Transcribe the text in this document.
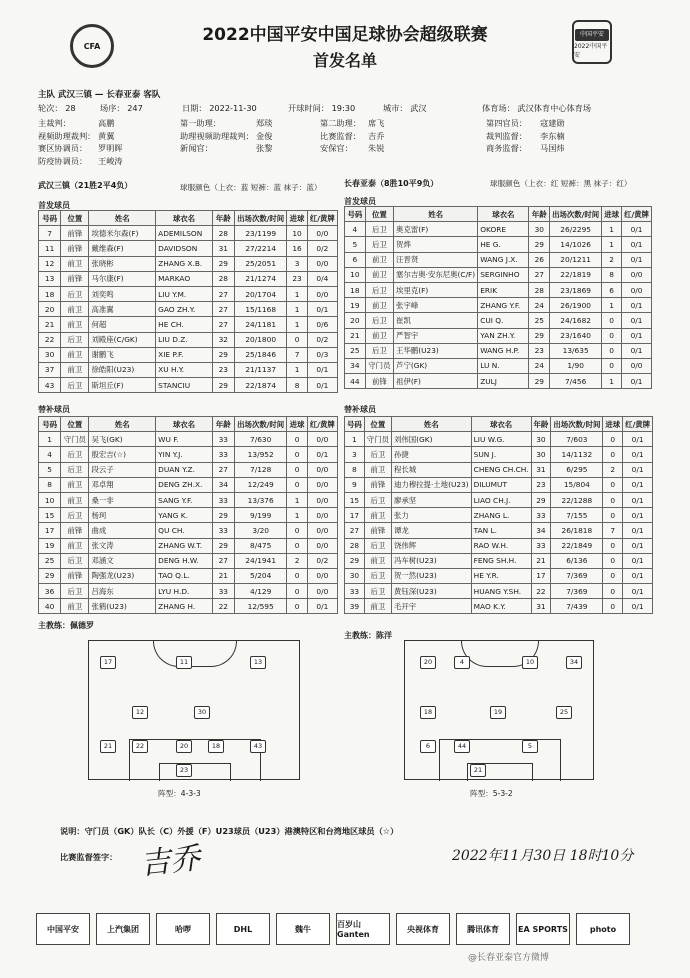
CFA
2022中国平安中国足球协会超级联赛
首发名单
中国平安
2022中国平安
主队 武汉三镇 — 长春亚泰 客队
轮次： 28	场序： 247	日期： 2022-11-30	开球时间： 19:30	城市： 武汉	体育场： 武汉体育中心体育场
主裁判：	高鹏	第一助理：	郑琰	第二助理： 席飞	第四官员： 寇建勋
视频助理裁判： 黄翼	助理视频助理裁判： 金俊	比赛监督： 吉乔	裁判监督： 李东楠
赛区协调员： 罗明晖	新闻官：	张黎	安保官： 朱锐	商务监督： 马国炜
防疫协调员： 王峻涛
武汉三镇（21胜2平4负）	球服颜色（上衣：蓝 短裤：蓝 袜子：蓝）	长春亚泰（8胜10平9负）	球服颜色（上衣：红 短裤：黑 袜子：红）
首发球员	首发球员
号码	位置	姓名	球衣名	年龄	出场次数/时间	进球	红/黄牌
7	前锋	埃德米尔森(F)	ADEMILSON	28	23/1199	10	0/0
11	前锋	戴维森(F)	DAVIDSON	31	27/2214	16	0/2
12	前卫	张晓彬	ZHANG X.B.	29	25/2051	3	0/0
13	前锋	马尔康(F)	MARKAO	28	21/1274	23	0/4
18	后卫	刘奕鸣	LIU Y.M.	27	20/1704	1	0/0
20	前卫	高准翼	GAO ZH.Y.	27	15/1168	1	0/1
21	前卫	何超	HE CH.	27	24/1181	1	0/6
22	后卫	刘殿座(C/GK)	LIU D.Z.	32	20/1800	0	0/2
30	前卫	谢鹏飞	XIE P.F.	29	25/1846	7	0/3
37	前卫	徐皓阳(U23)	XU H.Y.	23	21/1137	1	0/1
43	后卫	斯坦丘(F)	STANCIU	29	22/1874	8	0/1
号码	位置	姓名	球衣名	年龄	出场次数/时间	进球	红/黄牌
4	后卫	奥克雷(F)	OKORE	30	26/2295	1	0/1
5	后卫	贺烨	HE G.	29	14/1026	1	0/1
6	前卫	汪晋贤	WANG J.X.	26	20/1211	2	0/1
10	前卫	塞尔吉奥·安东尼奥(C/F)	SERGINHO	27	22/1819	8	0/0
18	后卫	埃里克(F)	ERIK	28	23/1869	6	0/0
19	前卫	张宇峰	ZHANG Y.F.	24	26/1900	1	0/1
20	后卫	崔凯	CUI Q.	25	24/1682	0	0/1
21	前卫	严智宇	YAN ZH.Y.	29	23/1640	0	0/1
25	后卫	王华鹏(U23)	WANG H.P.	23	13/635	0	0/1
34	守门员	芦宁(GK)	LU N.	24	1/90	0	0/0
44	前锋	祖伊(F)	ZULJ	29	7/456	1	0/1
替补球员	替补球员
号码	位置	姓名	球衣名	年龄	出场次数/时间	进球	红/黄牌
1	守门员	吴飞(GK)	WU F.	33	7/630	0	0/0
4	后卫	殷宏吉(☆)	YIN Y.J.	33	13/952	0	0/1
5	后卫	段云子	DUAN Y.Z.	27	7/128	0	0/0
8	前卫	邓卓翔	DENG ZH.X.	34	12/249	0	0/0
10	前卫	桑一非	SANG Y.F.	33	13/376	1	0/0
15	后卫	杨珂	YANG K.	29	9/199	1	0/0
17	前锋	曲成	QU CH.	33	3/20	0	0/0
19	前卫	张文涛	ZHANG W.T.	29	8/475	0	0/0
25	后卫	邓涵文	DENG H.W.	27	24/1941	2	0/2
29	前锋	陶强龙(U23)	TAO Q.L.	21	5/204	0	0/0
36	后卫	吕海东	LYU H.D.	33	4/129	0	0/0
40	前卫	张鹤(U23)	ZHANG H.	22	12/595	0	0/1
号码	位置	姓名	球衣名	年龄	出场次数/时间	进球	红/黄牌
1	守门员	刘伟国(GK)	LIU W.G.	30	7/603	0	0/1
3	后卫	孙捷	SUN J.	30	14/1132	0	0/1
8	前卫	程长城	CHENG CH.CH.	31	6/295	2	0/1
9	前锋	迪力穆拉提·土地(U23)	DILUMUT	23	15/804	0	0/1
15	后卫	廖承坚	LIAO CH.J.	29	22/1288	0	0/1
17	前卫	张力	ZHANG L.	33	7/155	0	0/1
27	前锋	谭龙	TAN L.	34	26/1818	7	0/1
28	后卫	饶伟辉	RAO W.H.	33	22/1849	0	0/1
29	前卫	冯车树(U23)	FENG SH.H.	21	6/136	0	0/1
30	后卫	贺一然(U23)	HE Y.R.	17	7/369	0	0/1
33	后卫	黄钰深(U23)	HUANG Y.SH.	22	7/369	0	0/1
39	前卫	毛开宇	MAO K.Y.	31	7/439	0	0/1
主教练：佩德罗
主教练：陈洋
17	11	13
12	30
21	22	20	18	43
23
阵型：4-3-3
20	4	10	34
18	19	25
6	44	5
21
阵型：5-3-2
说明：守门员（GK）队长（C）外援（F）U23球员（U23）港澳特区和台湾地区球员（☆）
比赛监督签字： 吉乔	2022年11月30日 18时10分
中国平安	上汽集团	哈啰	DHL	魏牛	百岁山Ganten
央视体育	腾讯体育	EA SPORTS	photo
@长春亚泰官方微博
